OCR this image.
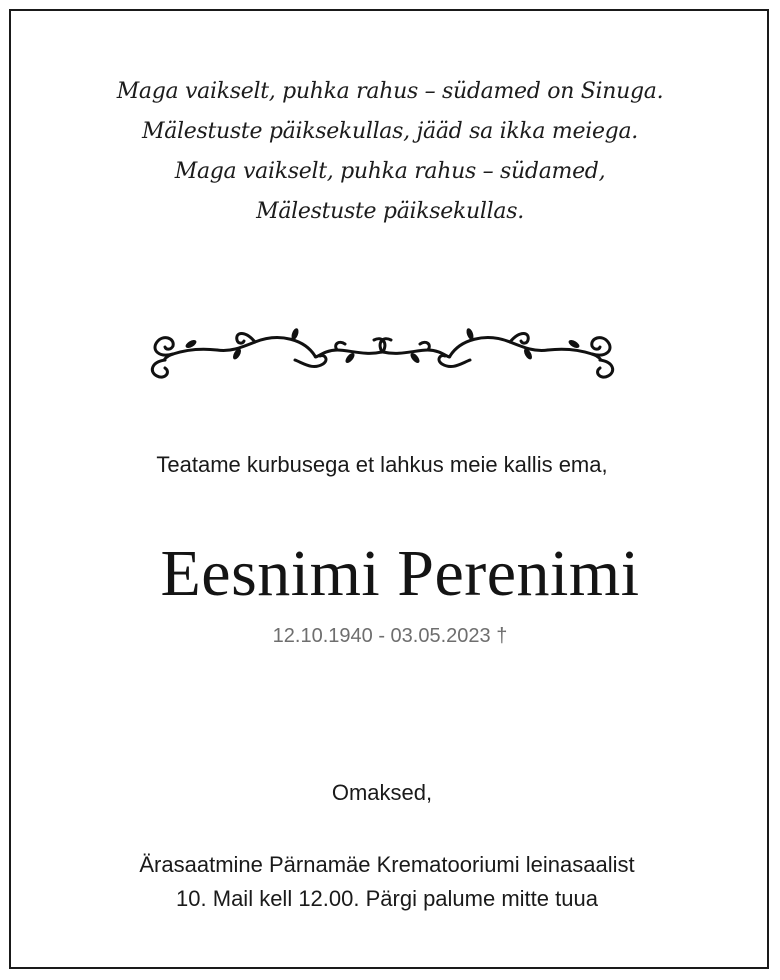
Maga vaikselt, puhka rahus – südamed on Sinuga.
Mälestuste päiksekullas, jääd sa ikka meiega.
Maga vaikselt, puhka rahus – südamed,
Mälestuste päiksekullas.
Teatame kurbusega et lahkus meie kallis ema,
Eesnimi Perenimi
12.10.1940 - 03.05.2023 †
Omaksed,
Ärasaatmine Pärnamäe Krematooriumi leinasaalist
10. Mail kell 12.00. Pärgi palume mitte tuua
